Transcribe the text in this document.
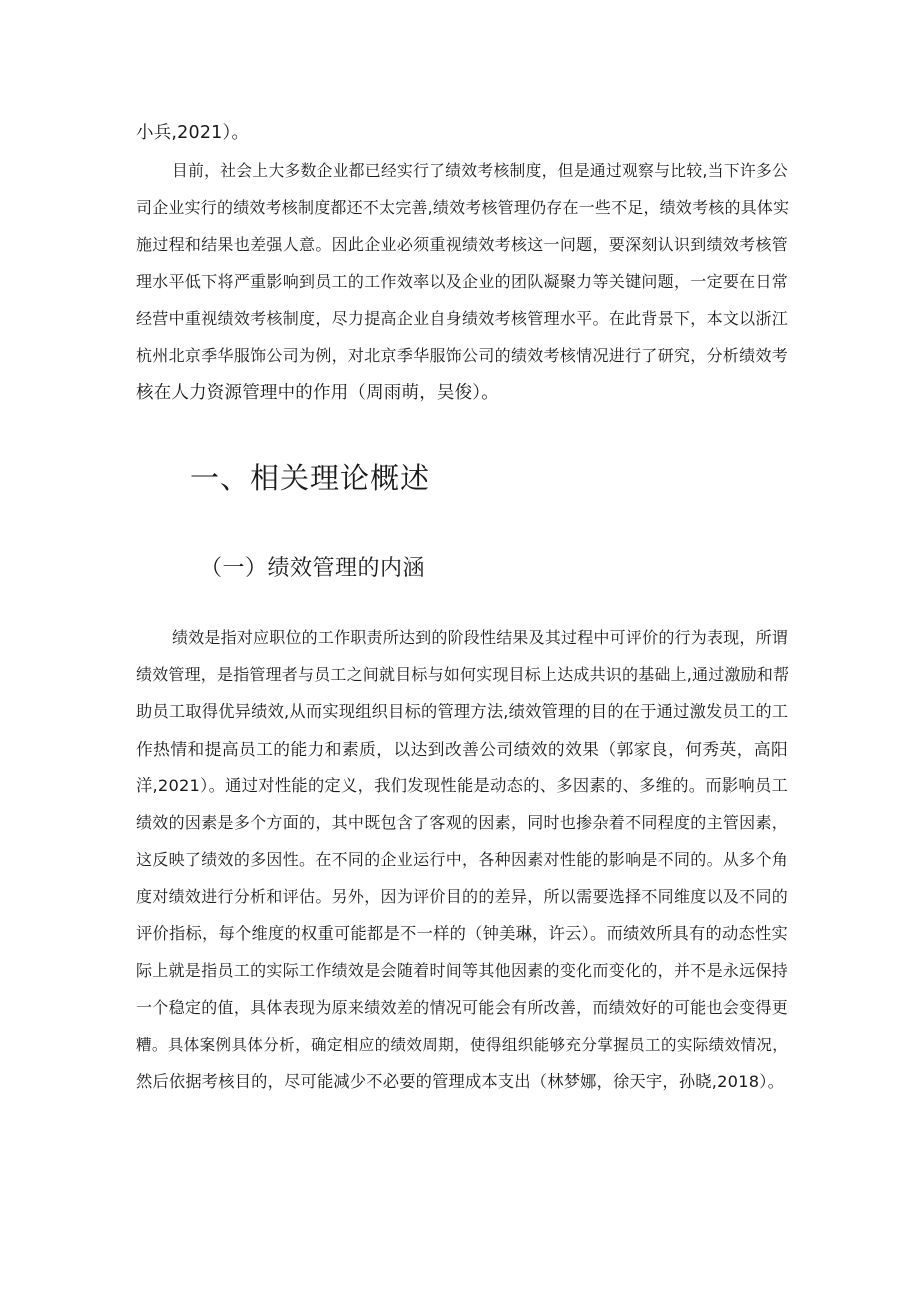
小兵,2021）。
目前，社会上大多数企业都已经实行了绩效考核制度，但是通过观察与比较,当下许多公
司企业实行的绩效考核制度都还不太完善,绩效考核管理仍存在一些不足，绩效考核的具体实
施过程和结果也差强人意。因此企业必须重视绩效考核这一问题，要深刻认识到绩效考核管
理水平低下将严重影响到员工的工作效率以及企业的团队凝聚力等关键问题，一定要在日常
经营中重视绩效考核制度，尽力提高企业自身绩效考核管理水平。在此背景下，本文以浙江
杭州北京季华服饰公司为例，对北京季华服饰公司的绩效考核情况进行了研究，分析绩效考
核在人力资源管理中的作用（周雨萌，吴俊）。
一、相关理论概述
（一）绩效管理的内涵
绩效是指对应职位的工作职责所达到的阶段性结果及其过程中可评价的行为表现，所谓
绩效管理，是指管理者与员工之间就目标与如何实现目标上达成共识的基础上,通过激励和帮
助员工取得优异绩效,从而实现组织目标的管理方法,绩效管理的目的在于通过激发员工的工
作热情和提高员工的能力和素质，以达到改善公司绩效的效果（郭家良，何秀英，高阳
洋,2021）。通过对性能的定义，我们发现性能是动态的、多因素的、多维的。而影响员工
绩效的因素是多个方面的，其中既包含了客观的因素，同时也掺杂着不同程度的主管因素，
这反映了绩效的多因性。在不同的企业运行中，各种因素对性能的影响是不同的。从多个角
度对绩效进行分析和评估。另外，因为评价目的的差异，所以需要选择不同维度以及不同的
评价指标，每个维度的权重可能都是不一样的（钟美琳，许云）。而绩效所具有的动态性实
际上就是指员工的实际工作绩效是会随着时间等其他因素的变化而变化的，并不是永远保持
一个稳定的值，具体表现为原来绩效差的情况可能会有所改善，而绩效好的可能也会变得更
糟。具体案例具体分析，确定相应的绩效周期，使得组织能够充分掌握员工的实际绩效情况，
然后依据考核目的，尽可能减少不必要的管理成本支出（林梦娜，徐天宇，孙晓,2018）。
